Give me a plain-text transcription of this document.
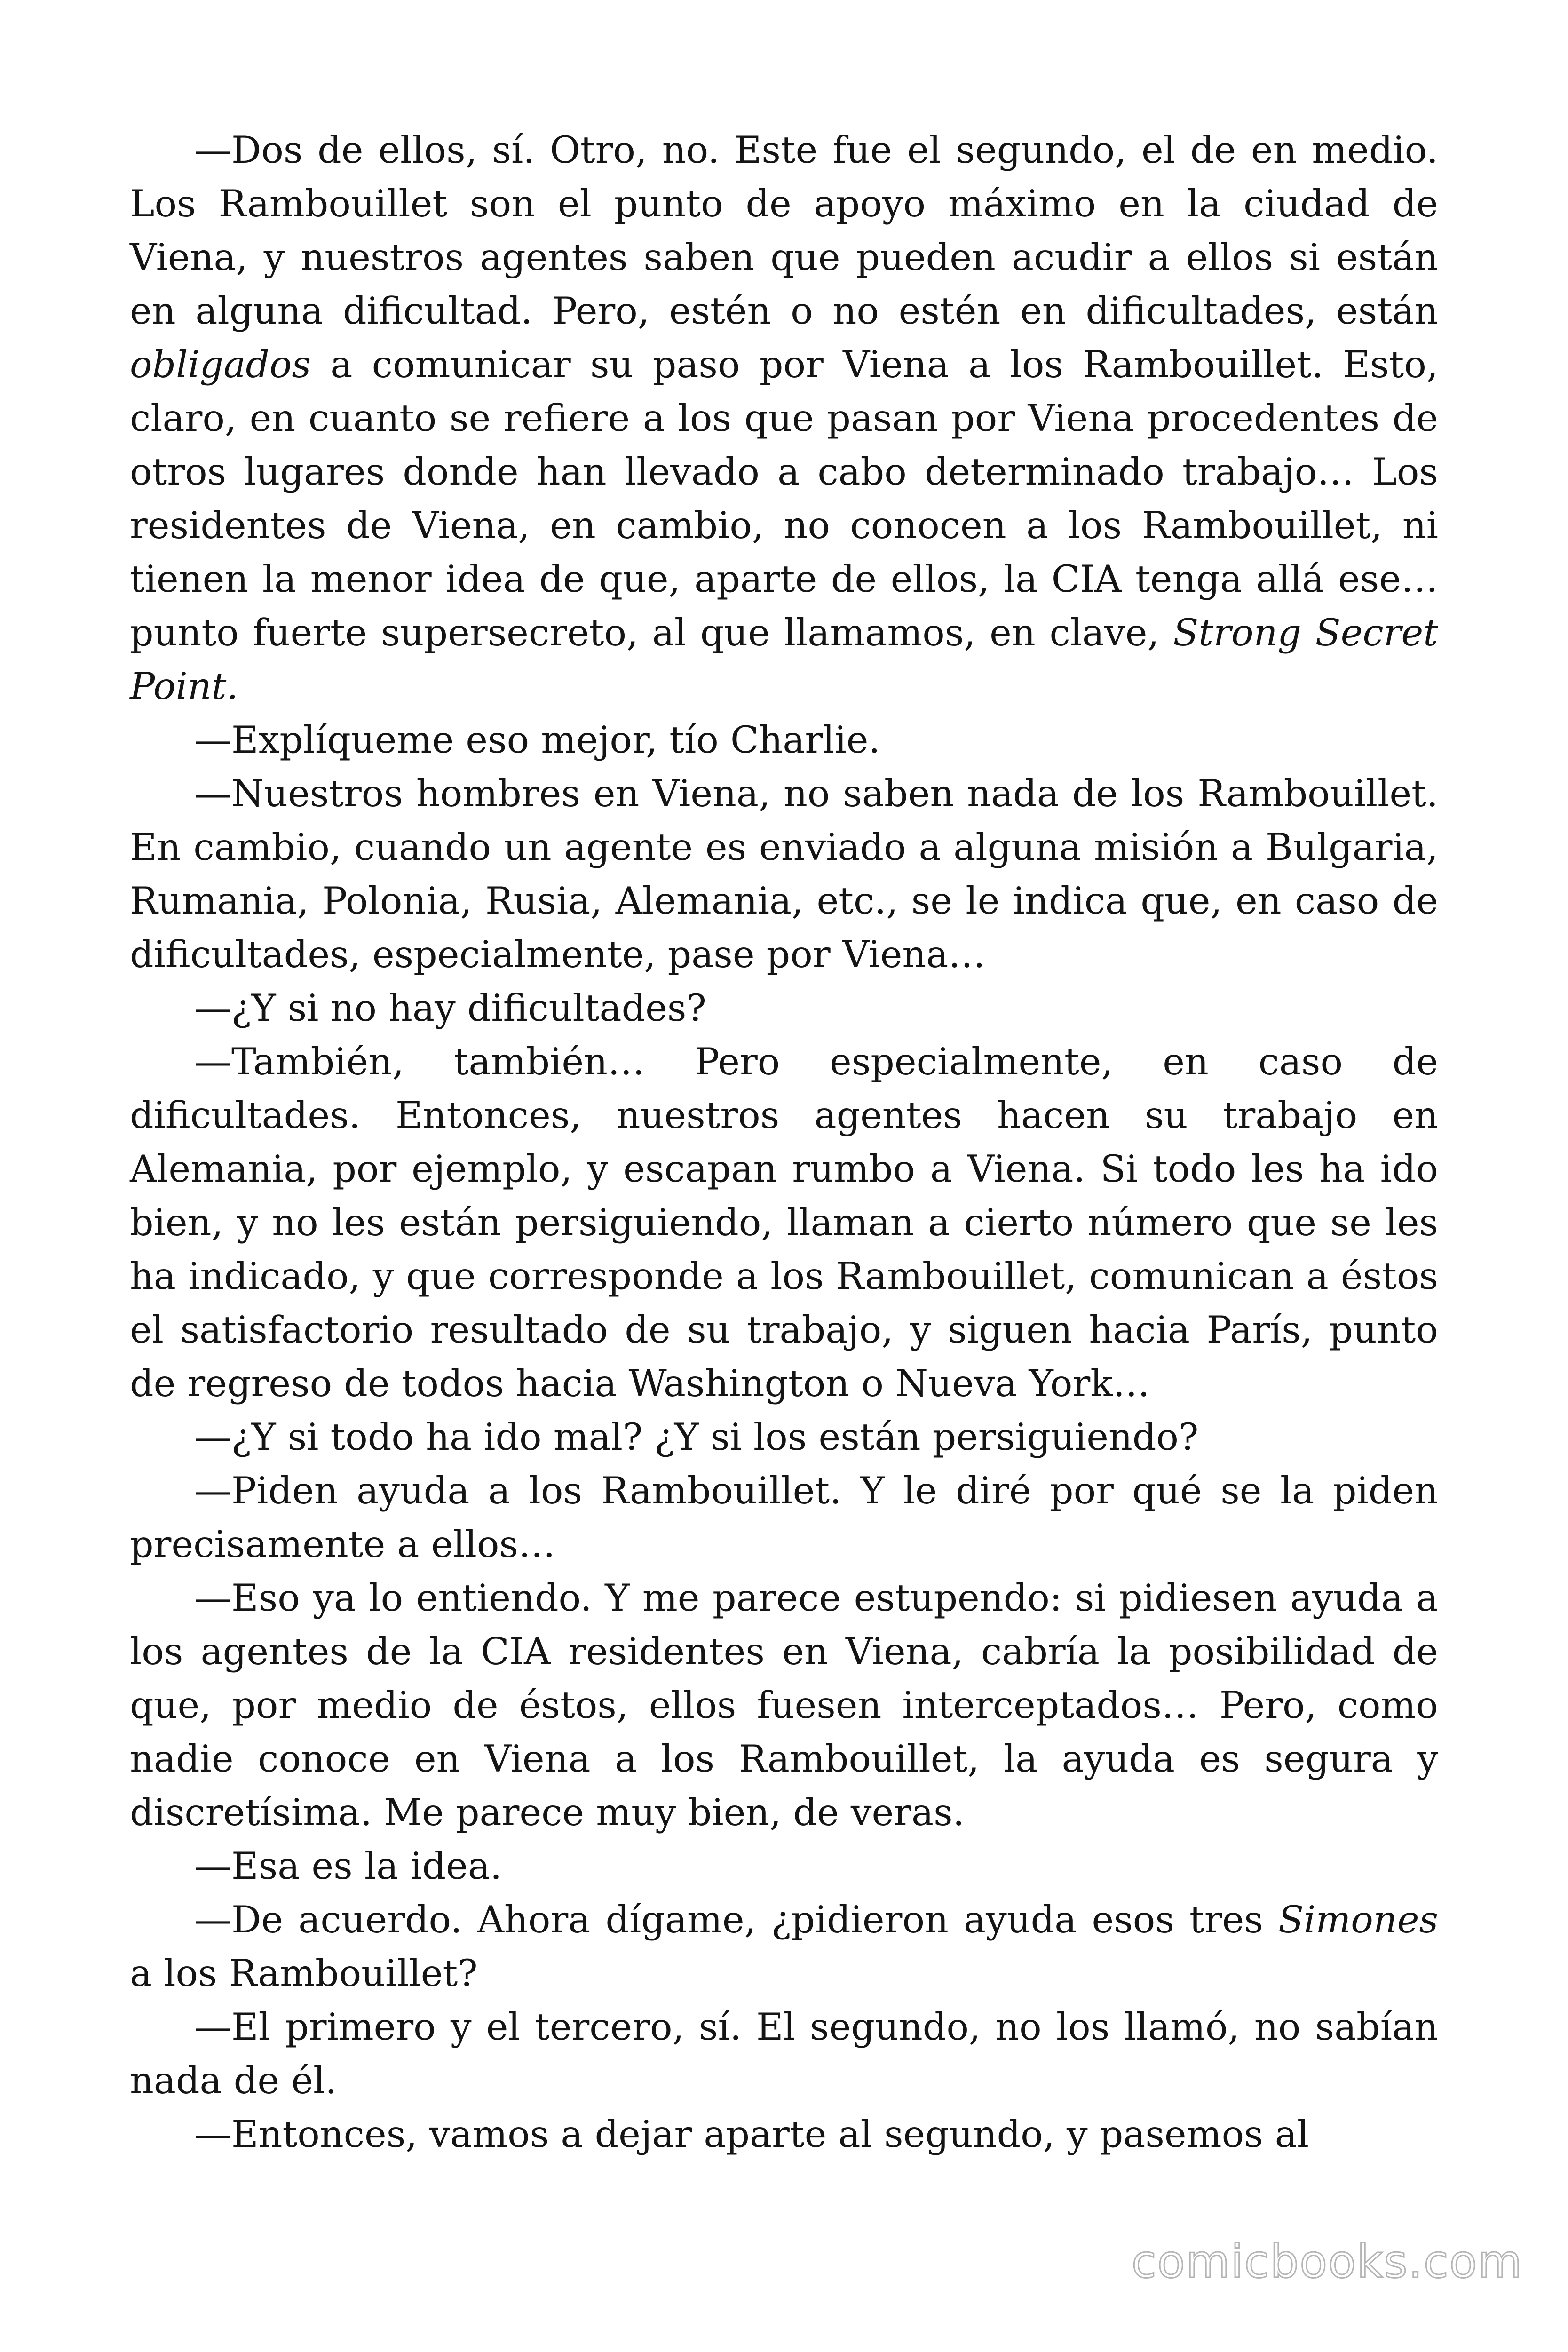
—Dos de ellos, sí. Otro, no. Este fue el segundo, el de en medio. Los Rambouillet son el punto de apoyo máximo en la ciudad de Viena, y nuestros agentes saben que pueden acudir a ellos si están en alguna dificultad. Pero, estén o no estén en dificultades, están obligados a comunicar su paso por Viena a los Rambouillet. Esto, claro, en cuanto se refiere a los que pasan por Viena procedentes de otros lugares donde han llevado a cabo determinado trabajo… Los residentes de Viena, en cambio, no conocen a los Rambouillet, ni tienen la menor idea de que, aparte de ellos, la CIA tenga allá ese… punto fuerte supersecreto, al que llamamos, en clave, Strong Secret Point.

—Explíqueme eso mejor, tío Charlie.

—Nuestros hombres en Viena, no saben nada de los Rambouillet. En cambio, cuando un agente es enviado a alguna misión a Bulgaria, Rumania, Polonia, Rusia, Alemania, etc., se le indica que, en caso de dificultades, especialmente, pase por Viena…

—¿Y si no hay dificultades?

—También, también… Pero especialmente, en caso de dificultades. Entonces, nuestros agentes hacen su trabajo en Alemania, por ejemplo, y escapan rumbo a Viena. Si todo les ha ido bien, y no les están persiguiendo, llaman a cierto número que se les ha indicado, y que corresponde a los Rambouillet, comunican a éstos el satisfactorio resultado de su trabajo, y siguen hacia París, punto de regreso de todos hacia Washington o Nueva York…

—¿Y si todo ha ido mal? ¿Y si los están persiguiendo?

—Piden ayuda a los Rambouillet. Y le diré por qué se la piden precisamente a ellos…

—Eso ya lo entiendo. Y me parece estupendo: si pidiesen ayuda a los agentes de la CIA residentes en Viena, cabría la posibilidad de que, por medio de éstos, ellos fuesen interceptados… Pero, como nadie conoce en Viena a los Rambouillet, la ayuda es segura y discretísima. Me parece muy bien, de veras.

—Esa es la idea.

—De acuerdo. Ahora dígame, ¿pidieron ayuda esos tres Simones a los Rambouillet?

—El primero y el tercero, sí. El segundo, no los llamó, no sabían nada de él.

—Entonces, vamos a dejar aparte al segundo, y pasemos al

comicbooks.com
